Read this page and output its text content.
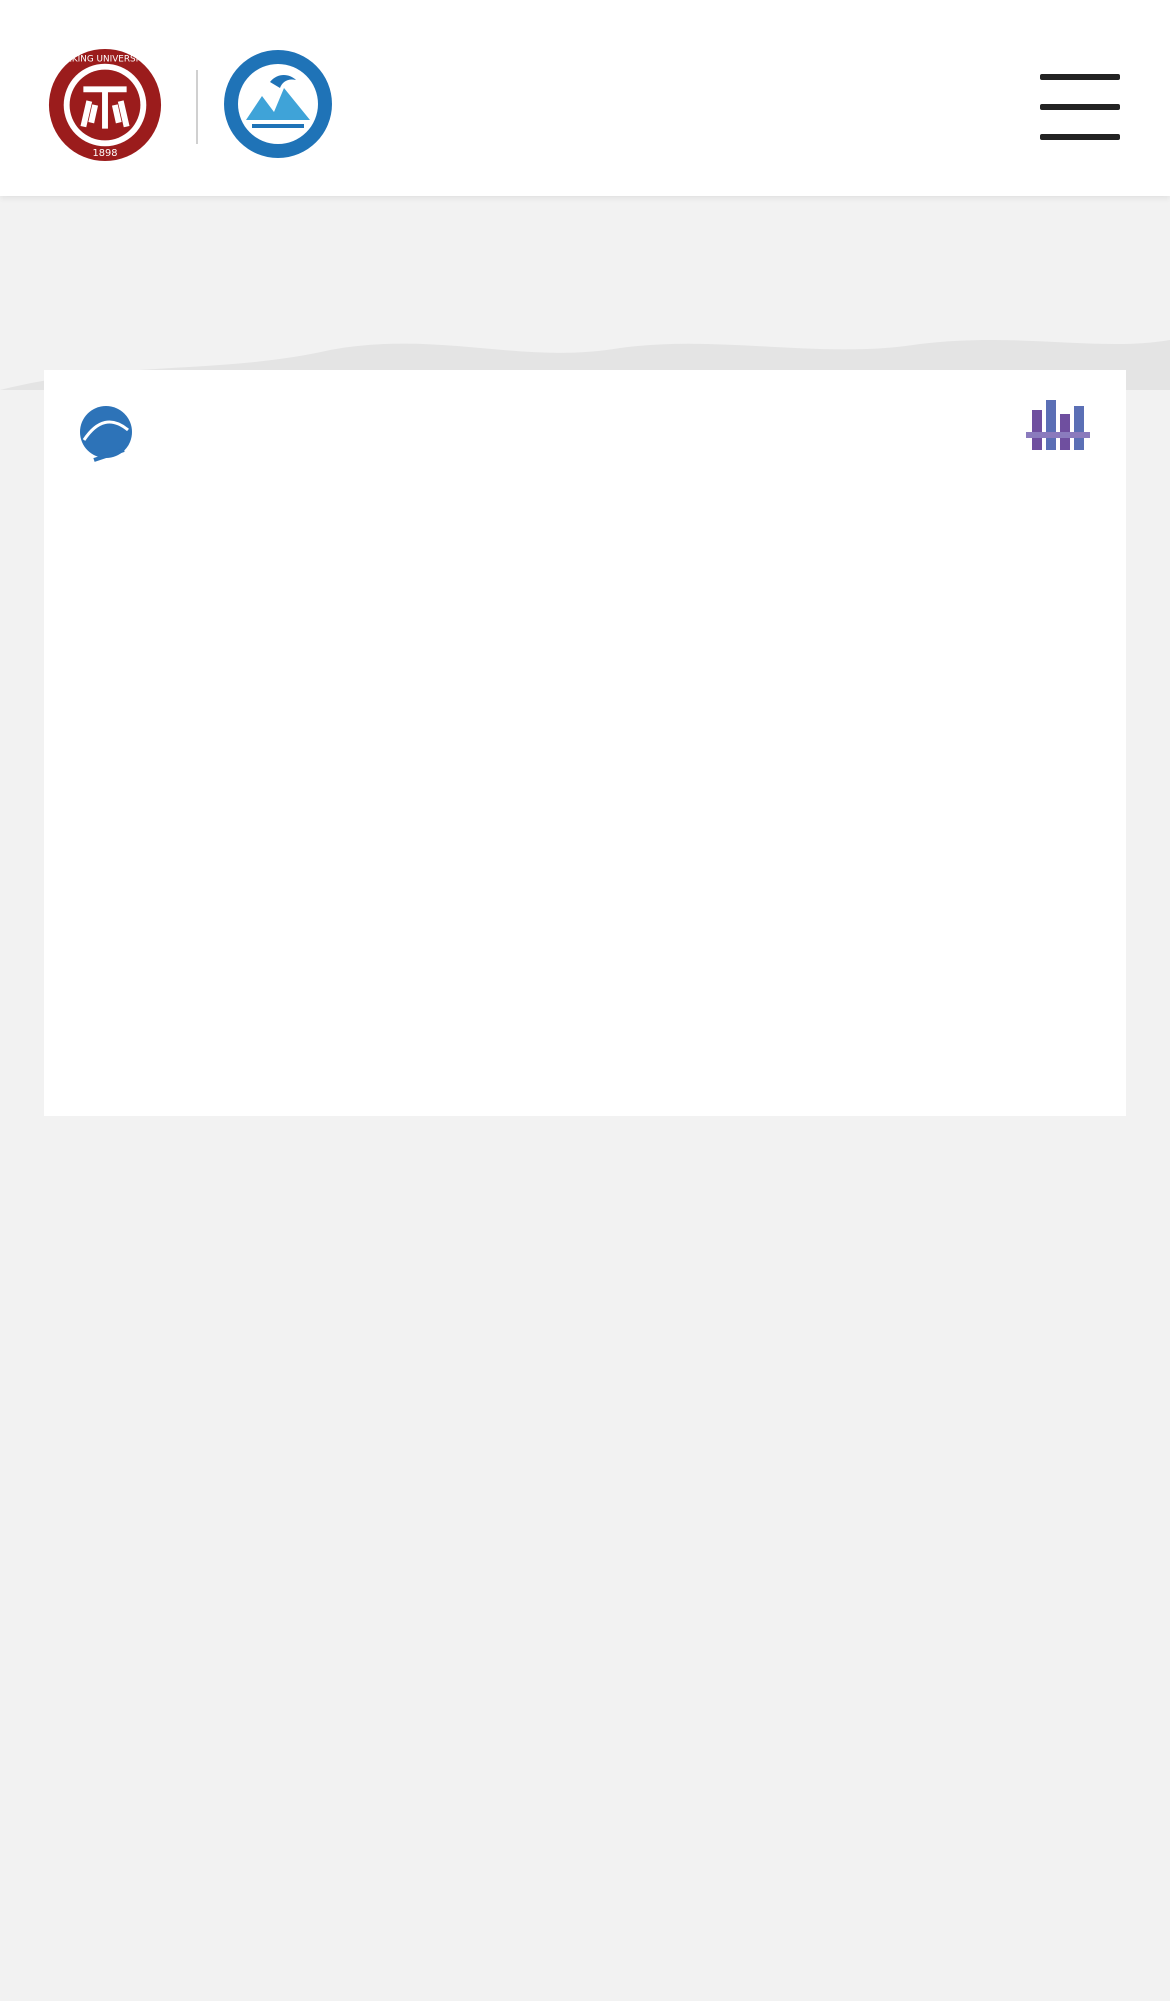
PEKING UNIVERSITY
1898
